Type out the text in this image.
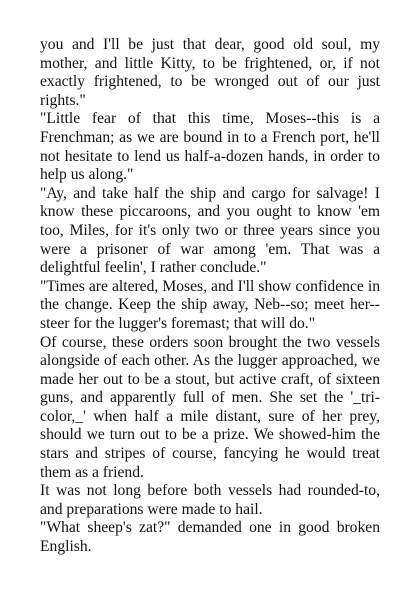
you and I'll be just that dear, good old soul, my mother, and little Kitty, to be frightened, or, if not exactly frightened, to be wronged out of our just rights."

"Little fear of that this time, Moses--this is a Frenchman; as we are bound in to a French port, he'll not hesitate to lend us half-a-dozen hands, in order to help us along."

"Ay, and take half the ship and cargo for salvage! I know these piccaroons, and you ought to know 'em too, Miles, for it's only two or three years since you were a prisoner of war among 'em. That was a delightful feelin', I rather conclude."

"Times are altered, Moses, and I'll show confidence in the change. Keep the ship away, Neb--so; meet her--steer for the lugger's foremast; that will do."

Of course, these orders soon brought the two vessels alongside of each other. As the lugger approached, we made her out to be a stout, but active craft, of sixteen guns, and apparently full of men. She set the '_tri-color,_' when half a mile distant, sure of her prey, should we turn out to be a prize. We showed-him the stars and stripes of course, fancying he would treat them as a friend.

It was not long before both vessels had rounded-to, and preparations were made to hail.

"What sheep's zat?" demanded one in good broken English.
